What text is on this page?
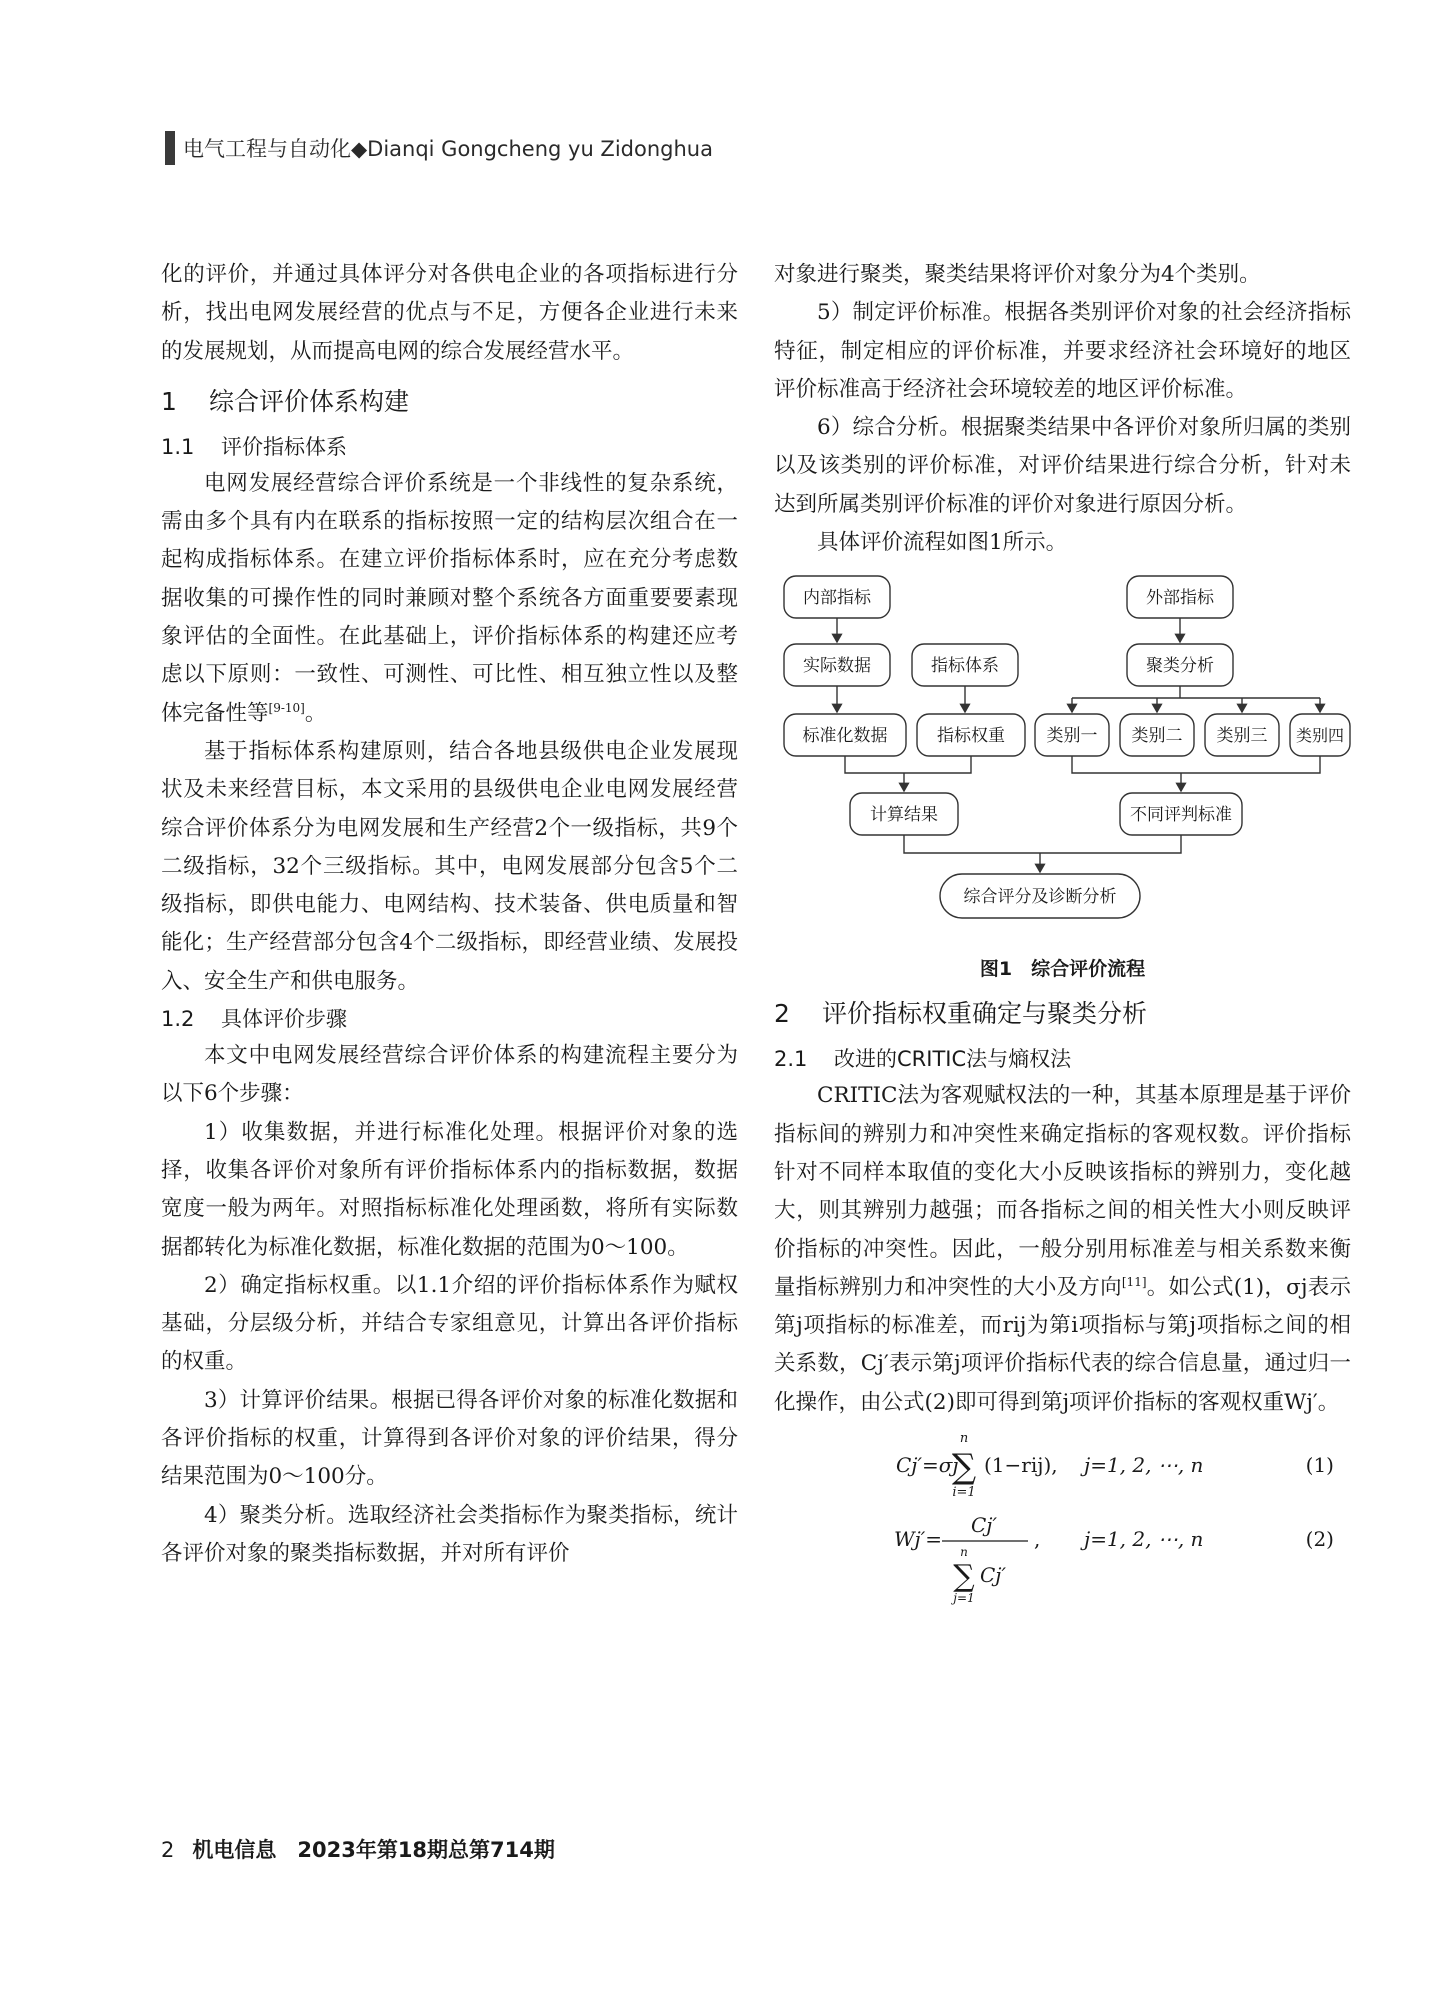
电气工程与自动化◆Dianqi Gongcheng yu Zidonghua

化的评价，并通过具体评分对各供电企业的各项指标进行分析，找出电网发展经营的优点与不足，方便各企业进行未来的发展规划，从而提高电网的综合发展经营水平。

1 综合评价体系构建
1.1 评价指标体系

电网发展经营综合评价系统是一个非线性的复杂系统，需由多个具有内在联系的指标按照一定的结构层次组合在一起构成指标体系。在建立评价指标体系时，应在充分考虑数据收集的可操作性的同时兼顾对整个系统各方面重要要素现象评估的全面性。在此基础上，评价指标体系的构建还应考虑以下原则：一致性、可测性、可比性、相互独立性以及整体完备性等[9-10]。

基于指标体系构建原则，结合各地县级供电企业发展现状及未来经营目标，本文采用的县级供电企业电网发展经营综合评价体系分为电网发展和生产经营2个一级指标，共9个二级指标，32个三级指标。其中，电网发展部分包含5个二级指标，即供电能力、电网结构、技术装备、供电质量和智能化；生产经营部分包含4个二级指标，即经营业绩、发展投入、安全生产和供电服务。

1.2 具体评价步骤

本文中电网发展经营综合评价体系的构建流程主要分为以下6个步骤：

1）收集数据，并进行标准化处理。根据评价对象的选择，收集各评价对象所有评价指标体系内的指标数据，数据宽度一般为两年。对照指标标准化处理函数，将所有实际数据都转化为标准化数据，标准化数据的范围为0～100。

2）确定指标权重。以1.1介绍的评价指标体系作为赋权基础，分层级分析，并结合专家组意见，计算出各评价指标的权重。

3）计算评价结果。根据已得各评价对象的标准化数据和各评价指标的权重，计算得到各评价对象的评价结果，得分结果范围为0～100分。

4）聚类分析。选取经济社会类指标作为聚类指标，统计各评价对象的聚类指标数据，并对所有评价

对象进行聚类，聚类结果将评价对象分为4个类别。

5）制定评价标准。根据各类别评价对象的社会经济指标特征，制定相应的评价标准，并要求经济社会环境好的地区评价标准高于经济社会环境较差的地区评价标准。

6）综合分析。根据聚类结果中各评价对象所归属的类别以及该类别的评价标准，对评价结果进行综合分析，针对未达到所属类别评价标准的评价对象进行原因分析。

具体评价流程如图1所示。

内部指标	外部指标
实际数据	指标体系	聚类分析
标准化数据	指标权重 类别一 类别二 类别三 类别四
计算结果	不同评判标准
综合评分及诊断分析
图1　综合评价流程
2 评价指标权重确定与聚类分析
2.1 改进的CRITIC法与熵权法

CRITIC法为客观赋权法的一种，其基本原理是基于评价指标间的辨别力和冲突性来确定指标的客观权数。评价指标针对不同样本取值的变化大小反映该指标的辨别力，变化越大，则其辨别力越强；而各指标之间的相关性大小则反映评价指标的冲突性。因此，一般分别用标准差与相关系数来衡量指标辨别力和冲突性的大小及方向[11]。如公式(1)，σj表示第j项指标的标准差，而rij为第i项指标与第j项指标之间的相关系数，Cj′表示第j项评价指标代表的综合信息量，通过归一化操作，由公式(2)即可得到第j项评价指标的客观权重Wj′。

Cj′=σj
n
∑
i=1
(1−rij), j=1, 2, ⋯, n	(1)
Wj′=
Cj′
n
∑
j=1
Cj′
, j=1, 2, ⋯, n	(2)
2 机电信息　2023年第18期总第714期
